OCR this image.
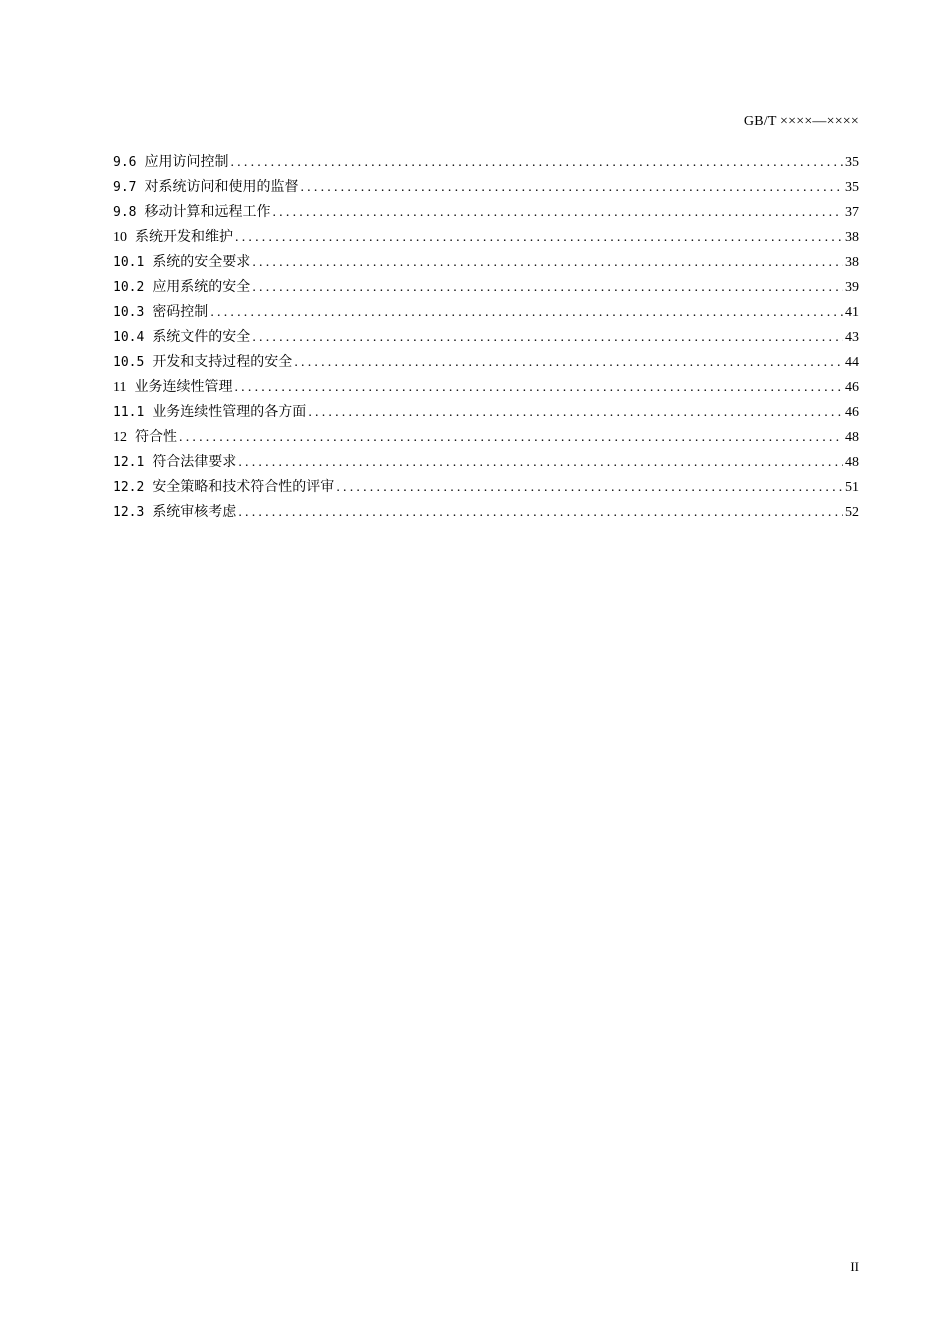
GB/T ××××—××××
9.6 应用访问控制 .....	35
9.7 对系统访问和使用的监督 .....	35
9.8 移动计算和远程工作 .....	37
10 系统开发和维护 .....	38
10.1 系统的安全要求 .....	38
10.2 应用系统的安全 .....	39
10.3 密码控制 .....	41
10.4 系统文件的安全 .....	43
10.5 开发和支持过程的安全 .....	44
11 业务连续性管理 .....	46
11.1 业务连续性管理的各方面 .....	46
12 符合性 .....	48
12.1 符合法律要求 .....	48
12.2 安全策略和技术符合性的评审 .....	51
12.3 系统审核考虑 .....	52
II
